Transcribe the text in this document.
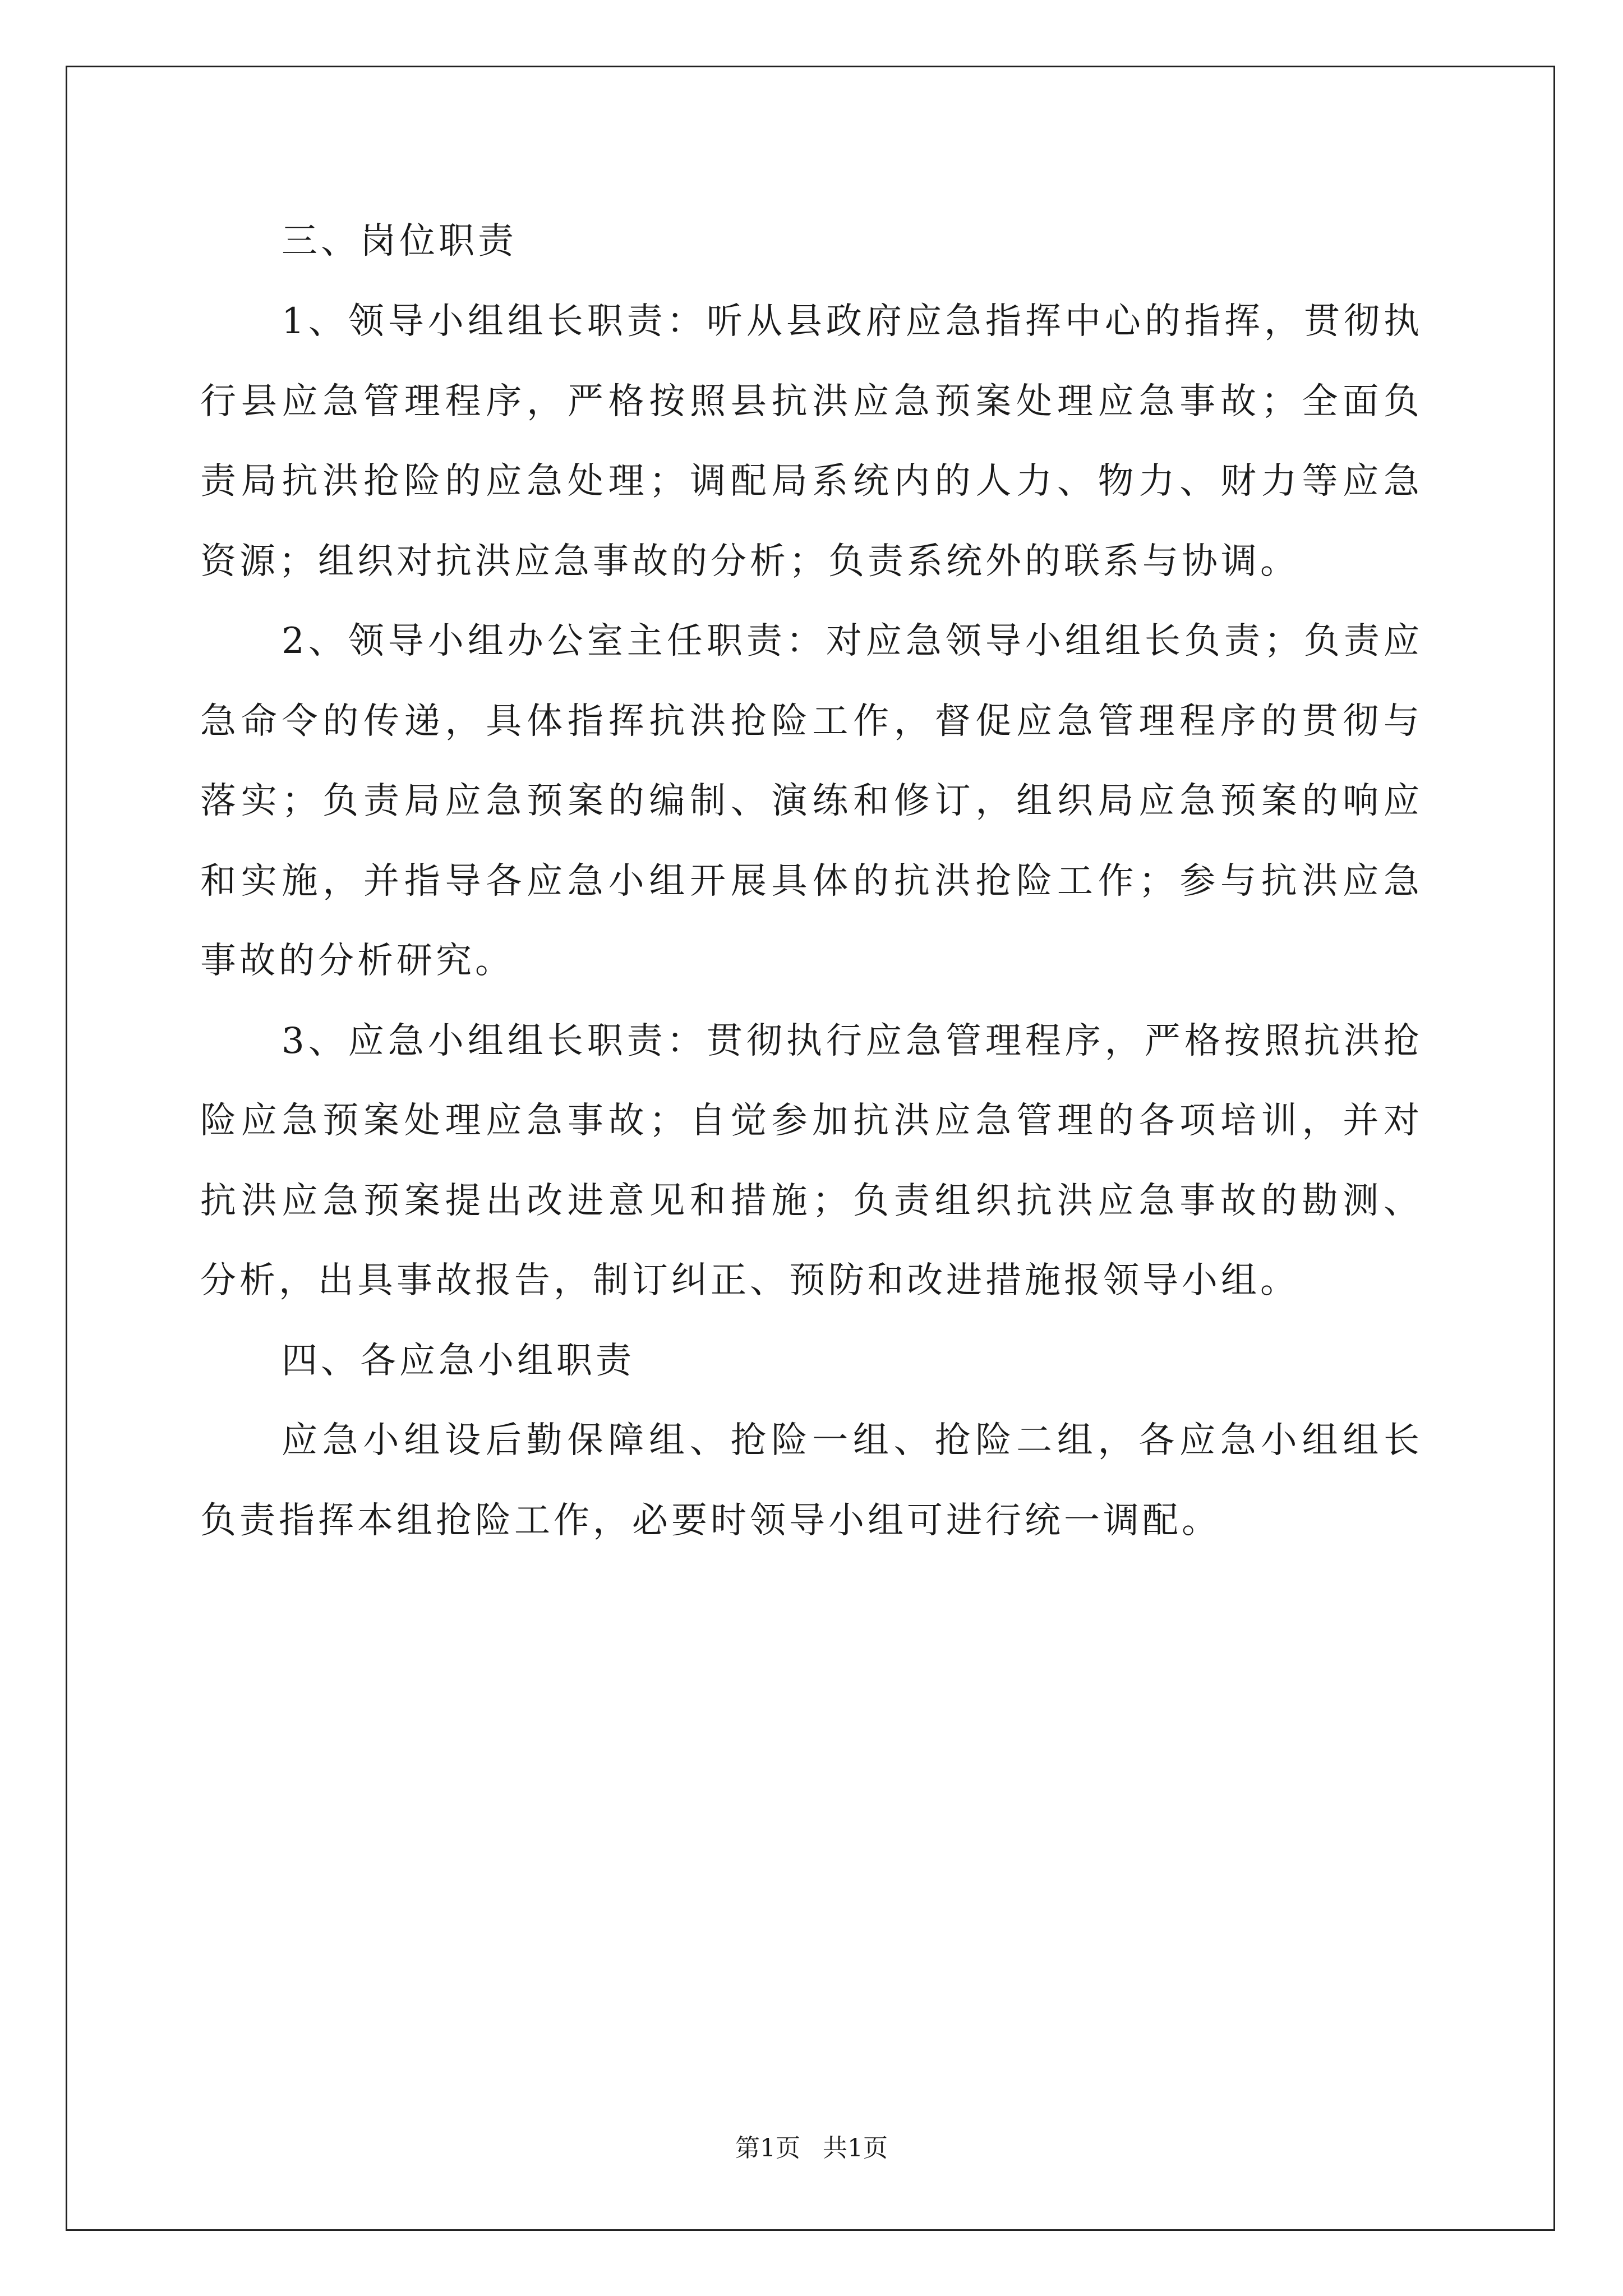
三、岗位职责
1、领导小组组长职责：听从县政府应急指挥中心的指挥，贯彻执
行县应急管理程序，严格按照县抗洪应急预案处理应急事故；全面负
责局抗洪抢险的应急处理；调配局系统内的人力、物力、财力等应急
资源；组织对抗洪应急事故的分析；负责系统外的联系与协调。
2、领导小组办公室主任职责：对应急领导小组组长负责；负责应
急命令的传递，具体指挥抗洪抢险工作，督促应急管理程序的贯彻与
落实；负责局应急预案的编制、演练和修订，组织局应急预案的响应
和实施，并指导各应急小组开展具体的抗洪抢险工作；参与抗洪应急
事故的分析研究。
3、应急小组组长职责：贯彻执行应急管理程序，严格按照抗洪抢
险应急预案处理应急事故；自觉参加抗洪应急管理的各项培训，并对
抗洪应急预案提出改进意见和措施；负责组织抗洪应急事故的勘测、
分析，出具事故报告，制订纠正、预防和改进措施报领导小组。
四、各应急小组职责
应急小组设后勤保障组、抢险一组、抢险二组，各应急小组组长
负责指挥本组抢险工作，必要时领导小组可进行统一调配。
第1页 共1页
